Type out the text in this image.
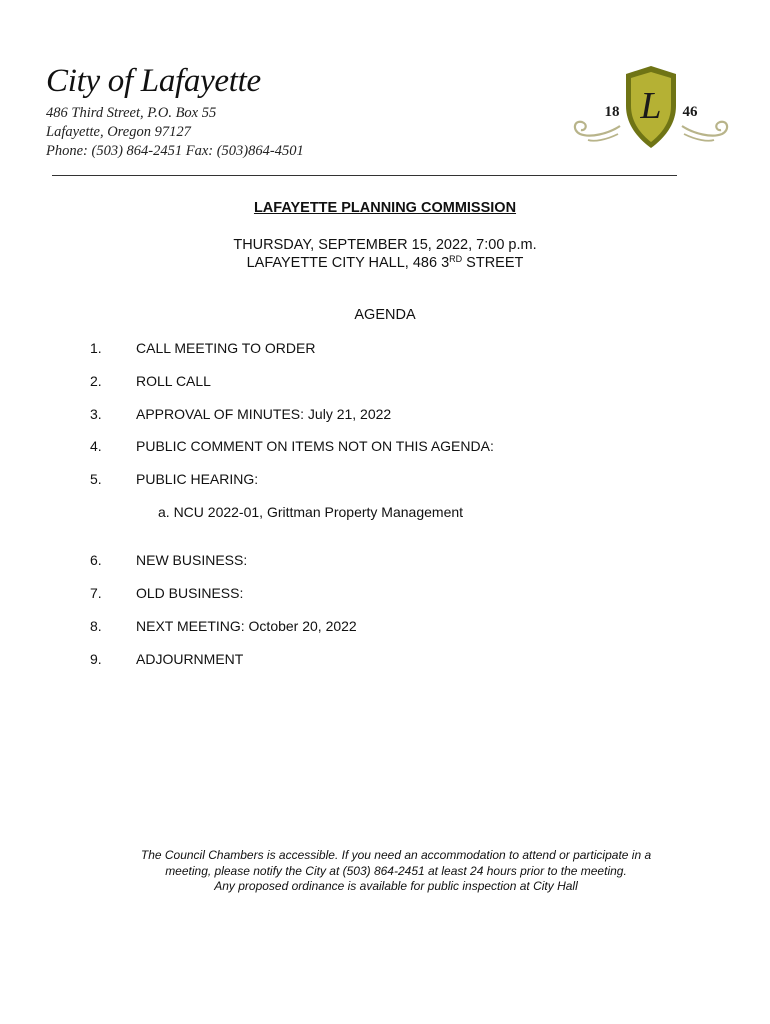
City of Lafayette
486 Third Street, P.O. Box 55
Lafayette, Oregon 97127
Phone: (503) 864-2451 Fax: (503)864-4501
L
18	46
LAFAYETTE PLANNING COMMISSION
THURSDAY, SEPTEMBER 15, 2022, 7:00 p.m.
LAFAYETTE CITY HALL, 486 3RD STREET
AGENDA
1. CALL MEETING TO ORDER
2. ROLL CALL
3. APPROVAL OF MINUTES: July 21, 2022
4. PUBLIC COMMENT ON ITEMS NOT ON THIS AGENDA:
5. PUBLIC HEARING:
a. NCU 2022-01, Grittman Property Management
6. NEW BUSINESS:
7. OLD BUSINESS:
8. NEXT MEETING: October 20, 2022
9. ADJOURNMENT
The Council Chambers is accessible. If you need an accommodation to attend or participate in a
meeting, please notify the City at (503) 864-2451 at least 24 hours prior to the meeting.
Any proposed ordinance is available for public inspection at City Hall
